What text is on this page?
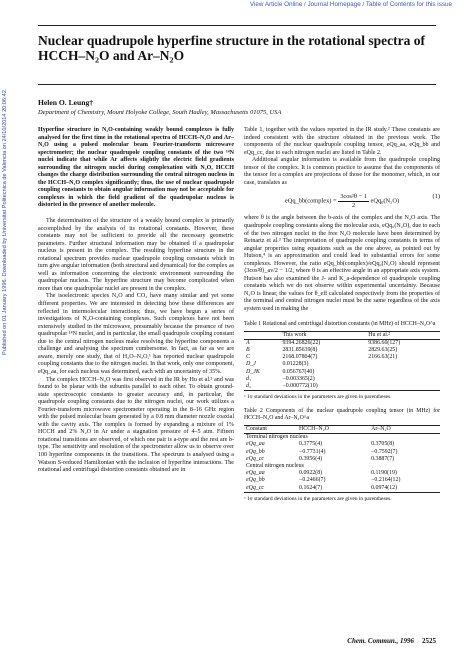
View Article Online / Journal Homepage / Table of Contents for this issue
Published on 01 January 1996. Downloaded by Universitat Politecnica de Valencia on 24/10/2014 20:06:42.
Nuclear quadrupole hyperfine structure in the rotational spectra of HCCH–N₂O and Ar–N₂O
Helen O. Leung†
Department of Chemistry, Mount Holyoke College, South Hadley, Massachusetts 01075, USA

Hyperfine structure in N₂O-containing weakly bound complexes is fully analysed for the first time in the rotational spectra of HCCH–N₂O and Ar–N₂O using a pulsed molecular beam Fourier-transform microwave spectrometer; the nuclear quadrupole coupling constants of the two ¹⁴N nuclei indicate that while Ar affects slightly the electric field gradients surrounding the nitrogen nuclei during complexation with N₂O, HCCH changes the charge distribution surrounding the central nitrogen nucleus in the HCCH–N₂O complex significantly; thus, the use of nuclear quadrupole coupling constants to obtain angular information may not be acceptable for complexes in which the field gradient of the quadrupolar nucleus is distorted in the presence of another molecule.

The determination of the structure of a weakly bound complex is primarily accomplished by the analysis of its rotational constants. However, these constants may not be sufficient to provide all the necessary geometric parameters. Further structural information may be obtained if a quadrupolar nucleus is present in the complex. The resulting hyperfine structure in the rotational spectrum provides nuclear quadrupole coupling constants which in turn give angular information (both structural and dynamical) for the complex as well as information concerning the electronic environment surrounding the quadrupolar nucleus. The hyperfine structure may become complicated when more than one quadrupolar nuclei are present in the complex.

The isoelectronic species N₂O and CO₂ have many similar and yet some different properties. We are interested in detecting how these differences are reflected in intermolecular interactions; thus, we have begun a series of investigations of N₂O-containing complexes. Such complexes have not been extensively studied in the microwave, presumably because the presence of two quadrupolar ¹⁴N nuclei, and in particular, the small quadrupole coupling constant due to the central nitrogen nucleus make resolving the hyperfine components a challenge and analysing the spectrum cumbersome. In fact, as far as we are aware, merely one study, that of H₂O–N₂O,¹ has reported nuclear quadrupole coupling constants due to the nitrogen nuclei. In that work, only one component, eQq_aa, for each nucleus was determined, each with an uncertainty of 35%.

The complex HCCH–N₂O was first observed in the IR by Hu et al.² and was found to be planar with the subunits parallel to each other. To obtain ground-state spectroscopic constants to greater accuracy and, in particular, the quadrupole coupling constants due to the nitrogen nuclei, our work utilizes a Fourier-transform microwave spectrometer operating in the 8–16 GHz region with the pulsed molecular beam generated by a 0.8 mm diameter nozzle coaxial with the cavity axis. The complex is formed by expanding a mixture of 1% HCCH and 2% N₂O in Ar under a stagnation pressure of 4–5 atm. Fifteen rotational transitions are observed, of which one pair is a-type and the rest are b-type. The sensitivity and resolution of the spectrometer allow us to observe over 100 hyperfine components in the transitions. The spectrum is analysed using a Watson S-reduced Hamiltonian with the inclusion of hyperfine interactions. The rotational and centrifugal distortion constants obtained are in

Table 1, together with the values reported in the IR study.² These constants are indeed consistent with the structure obtained in the previous work. The components of the nuclear quadrupole coupling tensor, eQq_aa, eQq_bb and eQq_cc, due to each nitrogen nuclei are listed in Table 2.

Additional angular information is available from the quadrupole coupling tensor of the complex. It is common practice to assume that the components of the tensor for a complex are projections of those for the monomer, which, in our case, translates as

eQq_bb(complex) = $\frac{\text{3cos²θ − 1}}{2} eQq_0(N_2O)$
(1)

where θ is the angle between the b-axis of the complex and the N₂O axis. The quadrupole coupling constants along the molecular axis, eQq₀(N₂O), due to each of the two nitrogen nuclei in the free N₂O molecule have been determined by Reinartz et al.³ The interpretation of quadrupole coupling constants in terms of angular properties using equations such as the one above, as pointed out by Hutson,⁴ is an approximation and could lead to substantial errors for some complexes. However, the ratio eQq_bb(complex)/eQq₀(N₂O) should represent ⟨3cos²θ⟩_av/2 − 1/2, where θ is an effective angle in an appropriate axis system. Hutson has also examined the J- and K_a-dependence of quadrupole coupling constants which we do not observe within experimental uncertainty. Because N₂O is linear, the values for θ_eff calculated respectively from the properties of the terminal and central nitrogen nuclei must be the same regardless of the axis system used in making the

Table 1 Rotational and centrifugal distortion constants (in MHz) of HCCH–N₂O^a

	This work	Hu et al.²

A	9394.26826(22)	9386.60(127)
B	2831.85639(8)	2829.63(25)
C	2168.07804(7)	2166.63(21)
D_J	0.01228(3)	
D_JK	0.056767(40)	
d₁	−0.003365(2)	
d₂	−0.000772(10)	

ᵃ 1σ standard deviations in the parameters are given in parentheses.
Table 2 Components of the nuclear quadrupole coupling tensor (in MHz) for HCCH–N₂O and Ar–N₂O^a

Constant	HCCH–N₂O	Ar–N₂O

Terminal nitrogen nucleus		
eQq_aa	0.3775(4)	0.3705(8)
eQq_bb	−0.7731(4)	−0.7592(7)
eQq_cc	0.3956(4)	0.3887(7)
Central nitrogen nucleus		
eQq_aa	0.0922(8)	0.1190(19)
eQq_bb	−0.2466(7)	−0.2164(12)
eQq_cc	0.1624(7)	0.0974(12)

ᵃ 1σ standard deviations in the parameters are given in parentheses.
Chem. Commun., 1996 2525
